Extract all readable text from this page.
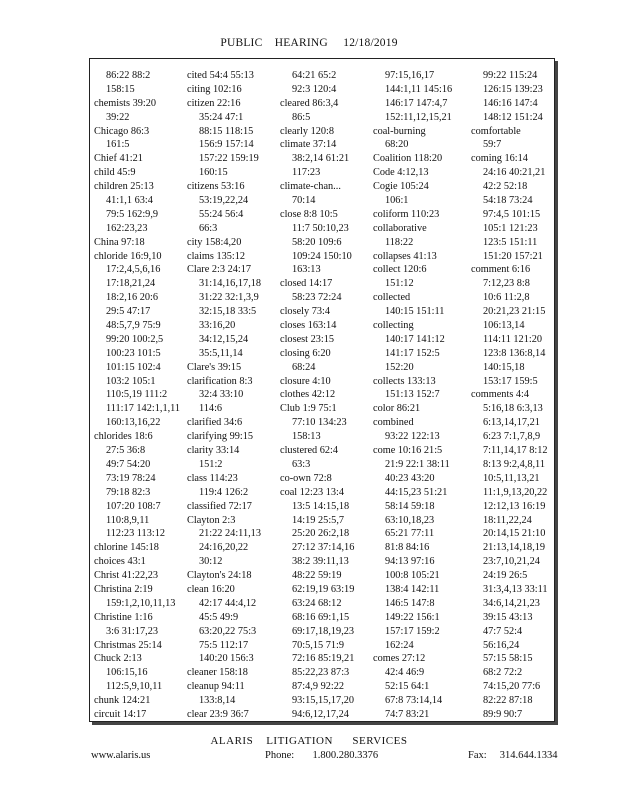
PUBLIC    HEARING     12/18/2019
86:22 88:2
158:15
chemists 39:20
39:22
Chicago 86:3
161:5
Chief 41:21
child 45:9
children 25:13
41:1,1 63:4
79:5 162:9,9
162:23,23
China 97:18
chloride 16:9,10
17:2,4,5,6,16
17:18,21,24
18:2,16 20:6
29:5 47:17
48:5,7,9 75:9
99:20 100:2,5
100:23 101:5
101:15 102:4
103:2 105:1
110:5,19 111:2
111:17 142:1,1,11
160:13,16,22
chlorides 18:6
27:5 36:8
49:7 54:20
73:19 78:24
79:18 82:3
107:20 108:7
110:8,9,11
112:23 113:12
chlorine 145:18
choices 43:1
Christ 41:22,23
Christina 2:19
159:1,2,10,11,13
Christine 1:16
3:6 31:17,23
Christmas 25:14
Chuck 2:13
106:15,16
112:5,9,10,11
chunk 124:21
circuit 14:17
cited 54:4 55:13
citing 102:16
citizen 22:16
35:24 47:1
88:15 118:15
156:9 157:14
157:22 159:19
160:15
citizens 53:16
53:19,22,24
55:24 56:4
66:3
city 158:4,20
claims 135:12
Clare 2:3 24:17
31:14,16,17,18
31:22 32:1,3,9
32:15,18 33:5
33:16,20
34:12,15,24
35:5,11,14
Clare's 39:15
clarification 8:3
32:4 33:10
114:6
clarified 34:6
clarifying 99:15
clarity 33:14
151:2
class 114:23
119:4 126:2
classified 72:17
Clayton 2:3
21:22 24:11,13
24:16,20,22
30:12
Clayton's 24:18
clean 16:20
42:17 44:4,12
45:5 49:9
63:20,22 75:3
75:5 112:17
140:20 156:3
cleaner 158:18
cleanup 94:11
133:8,14
clear 23:9 36:7
64:21 65:2
92:3 120:4
cleared 86:3,4
86:5
clearly 120:8
climate 37:14
38:2,14 61:21
117:23
climate-chan...
70:14
close 8:8 10:5
11:7 50:10,23
58:20 109:6
109:24 150:10
163:13
closed 14:17
58:23 72:24
closely 73:4
closes 163:14
closest 23:15
closing 6:20
68:24
closure 4:10
clothes 42:12
Club 1:9 75:1
77:10 134:23
158:13
clustered 62:4
63:3
co-own 72:8
coal 12:23 13:4
13:5 14:15,18
14:19 25:5,7
25:20 26:2,18
27:12 37:14,16
38:2 39:11,13
48:22 59:19
62:19,19 63:19
63:24 68:12
68:16 69:1,15
69:17,18,19,23
70:5,15 71:9
72:16 85:19,21
85:22,23 87:3
87:4,9 92:22
93:15,15,17,20
94:6,12,17,24
97:15,16,17
144:1,11 145:16
146:17 147:4,7
152:11,12,15,21
coal-burning
68:20
Coalition 118:20
Code 4:12,13
Cogie 105:24
106:1
coliform 110:23
collaborative
118:22
collapses 41:13
collect 120:6
151:12
collected
140:15 151:11
collecting
140:17 141:12
141:17 152:5
152:20
collects 133:13
151:13 152:7
color 86:21
combined
93:22 122:13
come 10:16 21:5
21:9 22:1 38:11
40:23 43:20
44:15,23 51:21
58:14 59:18
63:10,18,23
65:21 77:11
81:8 84:16
94:13 97:16
100:8 105:21
138:4 142:11
146:5 147:8
149:22 156:1
157:17 159:2
162:24
comes 27:12
42:4 46:9
52:15 64:1
67:8 73:14,14
74:7 83:21
99:22 115:24
126:15 139:23
146:16 147:4
148:12 151:24
comfortable
59:7
coming 16:14
24:16 40:21,21
42:2 52:18
54:18 73:24
97:4,5 101:15
105:1 121:23
123:5 151:11
151:20 157:21
comment 6:16
7:12,23 8:8
10:6 11:2,8
20:21,23 21:15
106:13,14
114:11 121:20
123:8 136:8,14
140:15,18
153:17 159:5
comments 4:4
5:16,18 6:3,13
6:13,14,17,21
6:23 7:1,7,8,9
7:11,14,17 8:12
8:13 9:2,4,8,11
10:5,11,13,21
11:1,9,13,20,22
12:12,13 16:19
18:11,22,24
20:14,15 21:10
21:13,14,18,19
23:7,10,21,24
24:19 26:5
31:3,4,13 33:11
34:6,14,21,23
39:15 43:13
47:7 52:4
56:16,24
57:15 58:15
68:2 72:2
74:15,20 77:6
82:22 87:18
89:9 90:7
ALARIS    LITIGATION      SERVICES
www.alaris.us	Phone:       1.800.280.3376	Fax:     314.644.1334
